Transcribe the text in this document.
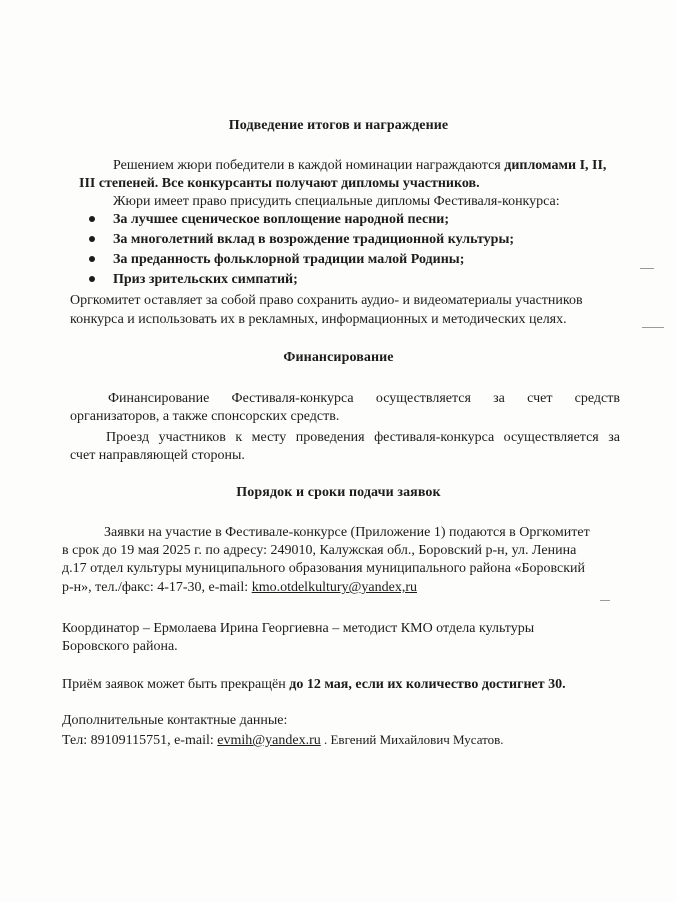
Подведение итогов и награждение
Решением жюри победители в каждой номинации награждаются дипломами I, II,
III степеней. Все конкурсанты получают дипломы участников.
Жюри имеет право присудить специальные дипломы Фестиваля-конкурса:
За лучшее сценическое воплощение народной песни;
За многолетний вклад в возрождение традиционной культуры;
За преданность фольклорной традиции малой Родины;
Приз зрительских симпатий;
Оргкомитет оставляет за собой право сохранить аудио- и видеоматериалы участников
конкурса и использовать их в рекламных, информационных и методических целях.
Финансирование
Финансирование Фестиваля-конкурса осуществляется за счет средств
организаторов, а также спонсорских средств.
Проезд участников к месту проведения фестиваля-конкурса осуществляется за
счет направляющей стороны.
Порядок и сроки подачи заявок
Заявки на участие в Фестивале-конкурсе (Приложение 1) подаются в Оргкомитет
в срок до 19 мая 2025 г. по адресу: 249010, Калужская обл., Боровский р-н, ул. Ленина
д.17 отдел культуры муниципального образования муниципального района «Боровский
р-н», тел./факс: 4-17-30, e-mail: kmo.otdelkultury@yandex,ru
Координатор – Ермолаева Ирина Георгиевна – методист КМО отдела культуры
Боровского района.
Приём заявок может быть прекращён до 12 мая, если их количество достигнет 30.
Дополнительные контактные данные:
Тел: 89109115751, e-mail: evmih@yandex.ru . Евгений Михайлович Мусатов.
